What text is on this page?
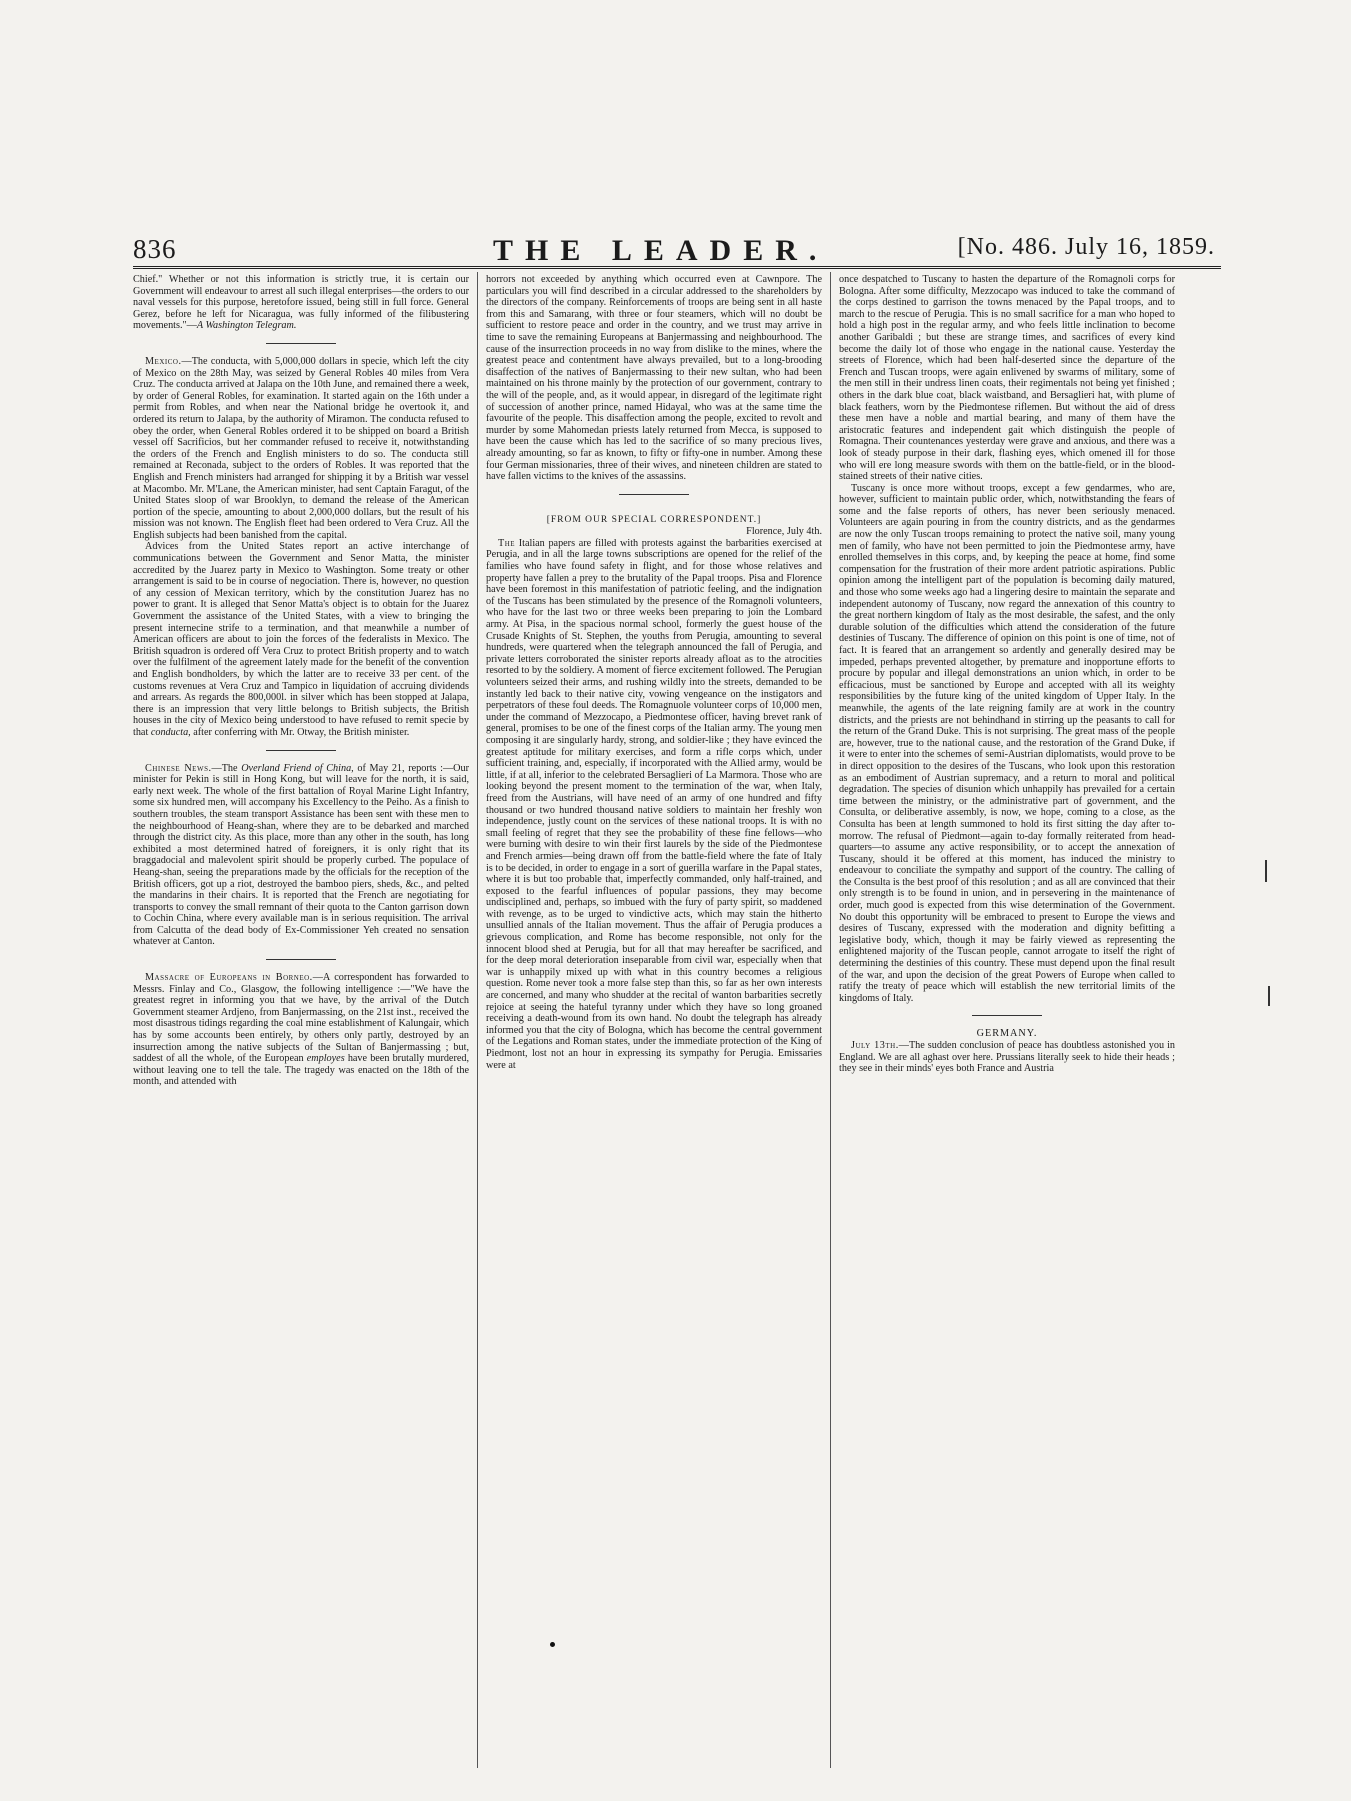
836	THE LEADER.	[No. 486. July 16, 1859.

Chief." Whether or not this information is strictly true, it is certain our Government will endeavour to arrest all such illegal enterprises—the orders to our naval vessels for this purpose, heretofore issued, being still in full force. General Gerez, before he left for Nicaragua, was fully informed of the filibustering movements."—A Washington Telegram.

Mexico.—The conducta, with 5,000,000 dollars in specie, which left the city of Mexico on the 28th May, was seized by General Robles 40 miles from Vera Cruz. The conducta arrived at Jalapa on the 10th June, and remained there a week, by order of General Robles, for examination. It started again on the 16th under a permit from Robles, and when near the National bridge he overtook it, and ordered its return to Jalapa, by the authority of Miramon. The conducta refused to obey the order, when General Robles ordered it to be shipped on board a British vessel off Sacrificios, but her commander refused to receive it, notwithstanding the orders of the French and English ministers to do so. The conducta still remained at Reconada, subject to the orders of Robles. It was reported that the English and French ministers had arranged for shipping it by a British war vessel at Macombo. Mr. M'Lane, the American minister, had sent Captain Faragut, of the United States sloop of war Brooklyn, to demand the release of the American portion of the specie, amounting to about 2,000,000 dollars, but the result of his mission was not known. The English fleet had been ordered to Vera Cruz. All the English subjects had been banished from the capital.

Advices from the United States report an active interchange of communications between the Government and Senor Matta, the minister accredited by the Juarez party in Mexico to Washington. Some treaty or other arrangement is said to be in course of negociation. There is, however, no question of any cession of Mexican territory, which by the constitution Juarez has no power to grant. It is alleged that Senor Matta's object is to obtain for the Juarez Government the assistance of the United States, with a view to bringing the present internecine strife to a termination, and that meanwhile a number of American officers are about to join the forces of the federalists in Mexico. The British squadron is ordered off Vera Cruz to protect British property and to watch over the fulfilment of the agreement lately made for the benefit of the convention and English bondholders, by which the latter are to receive 33 per cent. of the customs revenues at Vera Cruz and Tampico in liquidation of accruing dividends and arrears. As regards the 800,000l. in silver which has been stopped at Jalapa, there is an impression that very little belongs to British subjects, the British houses in the city of Mexico being understood to have refused to remit specie by that conducta, after conferring with Mr. Otway, the British minister.

Chinese News.—The Overland Friend of China, of May 21, reports :—Our minister for Pekin is still in Hong Kong, but will leave for the north, it is said, early next week. The whole of the first battalion of Royal Marine Light Infantry, some six hundred men, will accompany his Excellency to the Peiho. As a finish to southern troubles, the steam transport Assistance has been sent with these men to the neighbourhood of Heang-shan, where they are to be debarked and marched through the district city. As this place, more than any other in the south, has long exhibited a most determined hatred of foreigners, it is only right that its braggadocial and malevolent spirit should be properly curbed. The populace of Heang-shan, seeing the preparations made by the officials for the reception of the British officers, got up a riot, destroyed the bamboo piers, sheds, &c., and pelted the mandarins in their chairs. It is reported that the French are negotiating for transports to convey the small remnant of their quota to the Canton garrison down to Cochin China, where every available man is in serious requisition. The arrival from Calcutta of the dead body of Ex-Commissioner Yeh created no sensation whatever at Canton.

Massacre of Europeans in Borneo.—A correspondent has forwarded to Messrs. Finlay and Co., Glasgow, the following intelligence :—"We have the greatest regret in informing you that we have, by the arrival of the Dutch Government steamer Ardjeno, from Banjermassing, on the 21st inst., received the most disastrous tidings regarding the coal mine establishment of Kalungair, which has by some accounts been entirely, by others only partly, destroyed by an insurrection among the native subjects of the Sultan of Banjermassing ; but, saddest of all the whole, of the European employes have been brutally murdered, without leaving one to tell the tale. The tragedy was enacted on the 18th of the month, and attended with

horrors not exceeded by anything which occurred even at Cawnpore. The particulars you will find described in a circular addressed to the shareholders by the directors of the company. Reinforcements of troops are being sent in all haste from this and Samarang, with three or four steamers, which will no doubt be sufficient to restore peace and order in the country, and we trust may arrive in time to save the remaining Europeans at Banjermassing and neighbourhood. The cause of the insurrection proceeds in no way from dislike to the mines, where the greatest peace and contentment have always prevailed, but to a long-brooding disaffection of the natives of Banjermassing to their new sultan, who had been maintained on his throne mainly by the protection of our government, contrary to the will of the people, and, as it would appear, in disregard of the legitimate right of succession of another prince, named Hidayal, who was at the same time the favourite of the people. This disaffection among the people, excited to revolt and murder by some Mahomedan priests lately returned from Mecca, is supposed to have been the cause which has led to the sacrifice of so many precious lives, already amounting, so far as known, to fifty or fifty-one in number. Among these four German missionaries, three of their wives, and nineteen children are stated to have fallen victims to the knives of the assassins.

[FROM OUR SPECIAL CORRESPONDENT.]

Florence, July 4th.

The Italian papers are filled with protests against the barbarities exercised at Perugia, and in all the large towns subscriptions are opened for the relief of the families who have found safety in flight, and for those whose relatives and property have fallen a prey to the brutality of the Papal troops. Pisa and Florence have been foremost in this manifestation of patriotic feeling, and the indignation of the Tuscans has been stimulated by the presence of the Romagnoli volunteers, who have for the last two or three weeks been preparing to join the Lombard army. At Pisa, in the spacious normal school, formerly the guest house of the Crusade Knights of St. Stephen, the youths from Perugia, amounting to several hundreds, were quartered when the telegraph announced the fall of Perugia, and private letters corroborated the sinister reports already afloat as to the atrocities resorted to by the soldiery. A moment of fierce excitement followed. The Perugian volunteers seized their arms, and rushing wildly into the streets, demanded to be instantly led back to their native city, vowing vengeance on the instigators and perpetrators of these foul deeds. The Romagnuole volunteer corps of 10,000 men, under the command of Mezzocapo, a Piedmontese officer, having brevet rank of general, promises to be one of the finest corps of the Italian army. The young men composing it are singularly hardy, strong, and soldier-like ; they have evinced the greatest aptitude for military exercises, and form a rifle corps which, under sufficient training, and, especially, if incorporated with the Allied army, would be little, if at all, inferior to the celebrated Bersaglieri of La Marmora. Those who are looking beyond the present moment to the termination of the war, when Italy, freed from the Austrians, will have need of an army of one hundred and fifty thousand or two hundred thousand native soldiers to maintain her freshly won independence, justly count on the services of these national troops. It is with no small feeling of regret that they see the probability of these fine fellows—who were burning with desire to win their first laurels by the side of the Piedmontese and French armies—being drawn off from the battle-field where the fate of Italy is to be decided, in order to engage in a sort of guerilla warfare in the Papal states, where it is but too probable that, imperfectly commanded, only half-trained, and exposed to the fearful influences of popular passions, they may become undisciplined and, perhaps, so imbued with the fury of party spirit, so maddened with revenge, as to be urged to vindictive acts, which may stain the hitherto unsullied annals of the Italian movement. Thus the affair of Perugia produces a grievous complication, and Rome has become responsible, not only for the innocent blood shed at Perugia, but for all that may hereafter be sacrificed, and for the deep moral deterioration inseparable from civil war, especially when that war is unhappily mixed up with what in this country becomes a religious question. Rome never took a more false step than this, so far as her own interests are concerned, and many who shudder at the recital of wanton barbarities secretly rejoice at seeing the hateful tyranny under which they have so long groaned receiving a death-wound from its own hand. No doubt the telegraph has already informed you that the city of Bologna, which has become the central government of the Legations and Roman states, under the immediate protection of the King of Piedmont, lost not an hour in expressing its sympathy for Perugia. Emissaries were at

once despatched to Tuscany to hasten the departure of the Romagnoli corps for Bologna. After some difficulty, Mezzocapo was induced to take the command of the corps destined to garrison the towns menaced by the Papal troops, and to march to the rescue of Perugia. This is no small sacrifice for a man who hoped to hold a high post in the regular army, and who feels little inclination to become another Garibaldi ; but these are strange times, and sacrifices of every kind become the daily lot of those who engage in the national cause. Yesterday the streets of Florence, which had been half-deserted since the departure of the French and Tuscan troops, were again enlivened by swarms of military, some of the men still in their undress linen coats, their regimentals not being yet finished ; others in the dark blue coat, black waistband, and Bersaglieri hat, with plume of black feathers, worn by the Piedmontese riflemen. But without the aid of dress these men have a noble and martial bearing, and many of them have the aristocratic features and independent gait which distinguish the people of Romagna. Their countenances yesterday were grave and anxious, and there was a look of steady purpose in their dark, flashing eyes, which omened ill for those who will ere long measure swords with them on the battle-field, or in the blood-stained streets of their native cities.

Tuscany is once more without troops, except a few gendarmes, who are, however, sufficient to maintain public order, which, notwithstanding the fears of some and the false reports of others, has never been seriously menaced. Volunteers are again pouring in from the country districts, and as the gendarmes are now the only Tuscan troops remaining to protect the native soil, many young men of family, who have not been permitted to join the Piedmontese army, have enrolled themselves in this corps, and, by keeping the peace at home, find some compensation for the frustration of their more ardent patriotic aspirations. Public opinion among the intelligent part of the population is becoming daily matured, and those who some weeks ago had a lingering desire to maintain the separate and independent autonomy of Tuscany, now regard the annexation of this country to the great northern kingdom of Italy as the most desirable, the safest, and the only durable solution of the difficulties which attend the consideration of the future destinies of Tuscany. The difference of opinion on this point is one of time, not of fact. It is feared that an arrangement so ardently and generally desired may be impeded, perhaps prevented altogether, by premature and inopportune efforts to procure by popular and illegal demonstrations an union which, in order to be efficacious, must be sanctioned by Europe and accepted with all its weighty responsibilities by the future king of the united kingdom of Upper Italy. In the meanwhile, the agents of the late reigning family are at work in the country districts, and the priests are not behindhand in stirring up the peasants to call for the return of the Grand Duke. This is not surprising. The great mass of the people are, however, true to the national cause, and the restoration of the Grand Duke, if it were to enter into the schemes of semi-Austrian diplomatists, would prove to be in direct opposition to the desires of the Tuscans, who look upon this restoration as an embodiment of Austrian supremacy, and a return to moral and political degradation. The species of disunion which unhappily has prevailed for a certain time between the ministry, or the administrative part of government, and the Consulta, or deliberative assembly, is now, we hope, coming to a close, as the Consulta has been at length summoned to hold its first sitting the day after to-morrow. The refusal of Piedmont—again to-day formally reiterated from head-quarters—to assume any active responsibility, or to accept the annexation of Tuscany, should it be offered at this moment, has induced the ministry to endeavour to conciliate the sympathy and support of the country. The calling of the Consulta is the best proof of this resolution ; and as all are convinced that their only strength is to be found in union, and in persevering in the maintenance of order, much good is expected from this wise determination of the Government. No doubt this opportunity will be embraced to present to Europe the views and desires of Tuscany, expressed with the moderation and dignity befitting a legislative body, which, though it may be fairly viewed as representing the enlightened majority of the Tuscan people, cannot arrogate to itself the right of determining the destinies of this country. These must depend upon the final result of the war, and upon the decision of the great Powers of Europe when called to ratify the treaty of peace which will establish the new territorial limits of the kingdoms of Italy.

GERMANY.

July 13th.—The sudden conclusion of peace has doubtless astonished you in England. We are all aghast over here. Prussians literally seek to hide their heads ; they see in their minds' eyes both France and Austria
